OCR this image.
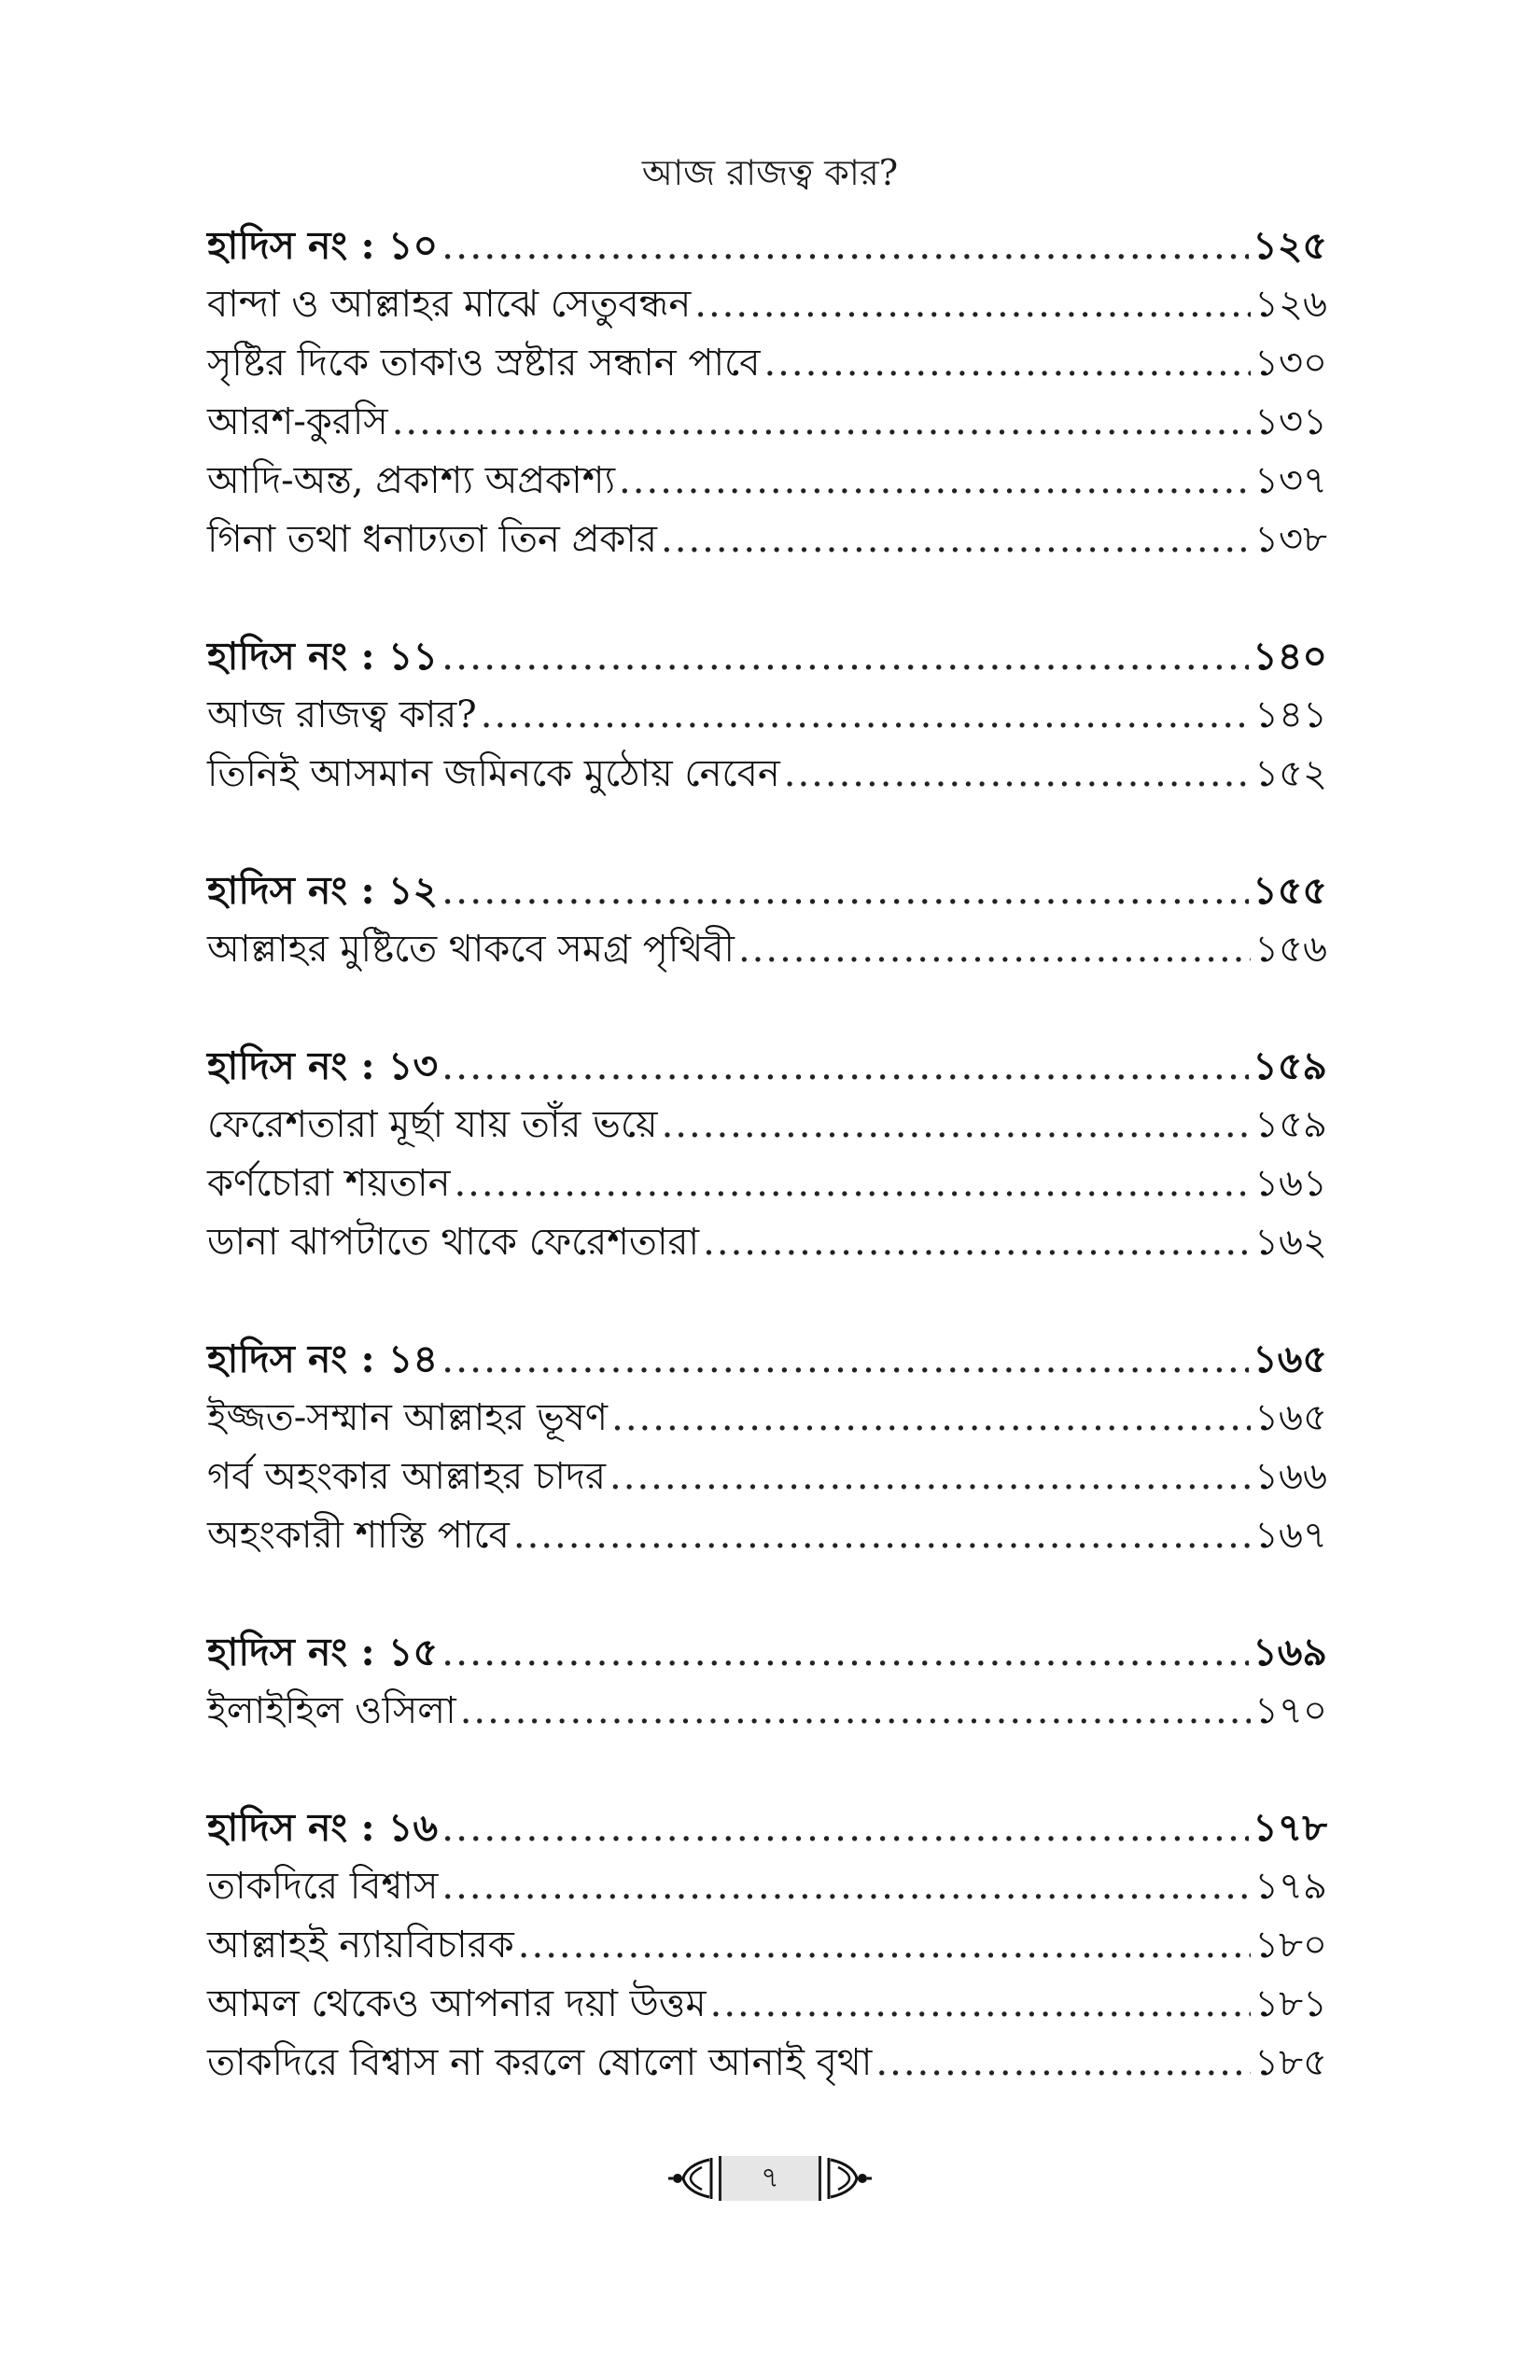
আজ রাজত্ব কার?
হাদিস নং : ১০ .....	১২৫
বান্দা ও আল্লাহর মাঝে সেতুবন্ধন .....	১২৬
সৃষ্টির দিকে তাকাও স্রষ্টার সন্ধান পাবে .....	১৩০
আরশ-কুরসি .....	১৩১
আদি-অন্ত, প্রকাশ্য অপ্রকাশ্য .....	১৩৭
গিনা তথা ধনাঢ্যতা তিন প্রকার .....	১৩৮
হাদিস নং : ১১ .....	১৪০
আজ রাজত্ব কার? .....	১৪১
তিনিই আসমান জমিনকে মুঠোয় নেবেন .....	১৫২
হাদিস নং : ১২ .....	১৫৫
আল্লাহর মুষ্টিতে থাকবে সমগ্র পৃথিবী .....	১৫৬
হাদিস নং : ১৩ .....	১৫৯
ফেরেশতারা মূর্ছা যায় তাঁর ভয়ে .....	১৫৯
কর্ণচোরা শয়তান .....	১৬১
ডানা ঝাপটাতে থাকে ফেরেশতারা .....	১৬২
হাদিস নং : ১৪ .....	১৬৫
ইজ্জত-সম্মান আল্লাহর ভূষণ .....	১৬৫
গর্ব অহংকার আল্লাহর চাদর .....	১৬৬
অহংকারী শাস্তি পাবে .....	১৬৭
হাদিস নং : ১৫ .....	১৬৯
ইলাইহিল ওসিলা .....	১৭০
হাদিস নং : ১৬ .....	১৭৮
তাকদিরে বিশ্বাস .....	১৭৯
আল্লাহই ন্যায়বিচারক .....	১৮০
আমল থেকেও আপনার দয়া উত্তম .....	১৮১
তাকদিরে বিশ্বাস না করলে ষোলো আনাই বৃথা .....	১৮৫
৭
